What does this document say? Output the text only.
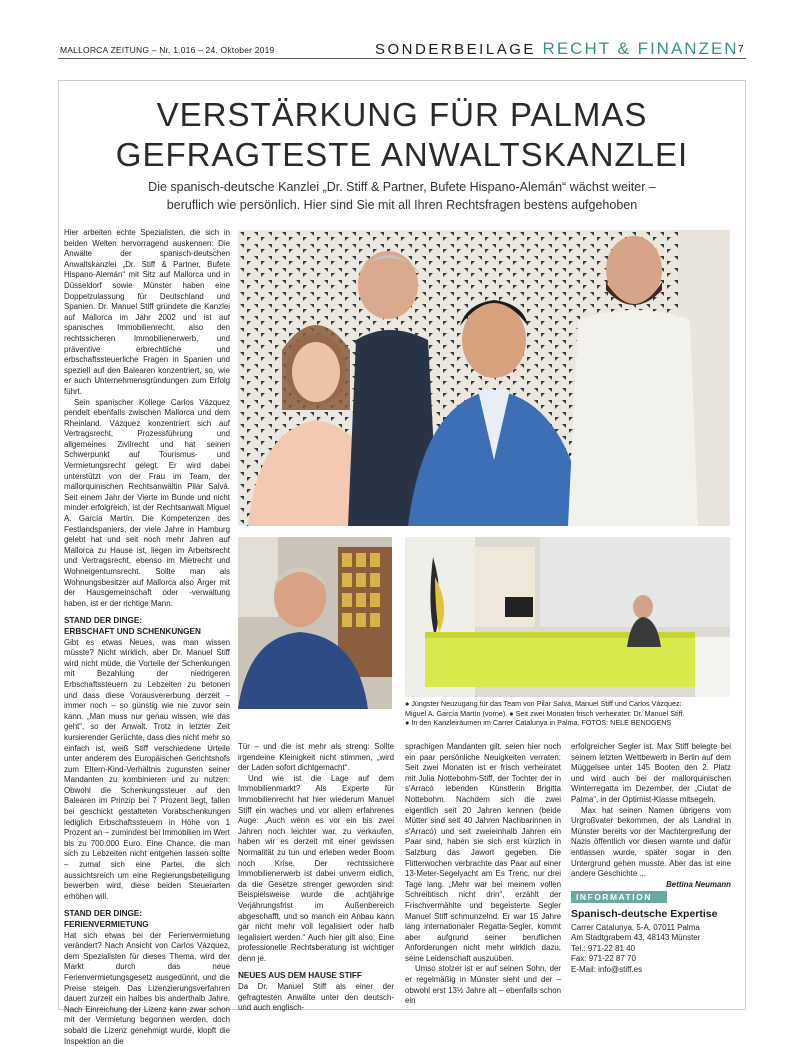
MALLORCA ZEITUNG – Nr. 1.016 – 24. Oktober 2019	SONDERBEILAGE RECHT & FINANZEN 7
VERSTÄRKUNG FÜR PALMAS
GEFRAGTESTE ANWALTSKANZLEI
Die spanisch-deutsche Kanzlei „Dr. Stiff & Partner, Bufete Hispano-Alemán“ wächst weiter –
beruflich wie persönlich. Hier sind Sie mit all Ihren Rechtsfragen bestens aufgehoben

Hier arbeiten echte Spezialisten, die sich in beiden Welten hervorragend auskennen: Die Anwälte der spanisch-deutschen Anwaltskanzlei „Dr. Stiff & Partner, Bufete Hispano-Alemán“ mit Sitz auf Mallorca und in Düsseldorf sowie Münster haben eine Doppelzulassung für Deutschland und Spanien. Dr. Manuel Stiff gründete die Kanzlei auf Mallorca im Jahr 2002 und ist auf spanisches Immobilienrecht, also den rechtssicheren Immobilienerwerb, und präventive erbrechtliche und erbschaftssteuerliche Fragen in Spanien und speziell auf den Balearen konzentriert, so, wie er auch Unternehmensgründungen zum Erfolg führt.

Sein spanischer Kollege Carlos Vázquez pendelt ebenfalls zwischen Mallorca und dem Rheinland. Vázquez konzentriert sich auf Vertragsrecht, Prozessführung und allgemeines Zivilrecht und hat seinen Schwerpunkt auf Tourismus- und Vermietungsrecht gelegt. Er wird dabei unterstützt von der Frau im Team, der mallorquinischen Rechtsanwältin Pilar Salvá. Seit einem Jahr der Vierte im Bunde und nicht minder erfolgreich, ist der Rechtsanwalt Miguel A. García Martín. Die Kompetenzen des Festlandspaniers, der viele Jahre in Hamburg gelebt hat und seit noch mehr Jahren auf Mallorca zu Hause ist, liegen im Arbeitsrecht und Vertragsrecht, ebenso im Mietrecht und Wohneigentumsrecht. Sollte man als Wohnungsbesitzer auf Mallorca also Ärger mit der Hausgemeinschaft oder -verwaltung haben, ist er der richtige Mann.

STAND DER DINGE:
ERBSCHAFT UND SCHENKUNGEN

Gibt es etwas Neues, was man wissen müsste? Nicht wirklich, aber Dr. Manuel Stiff wird nicht müde, die Vorteile der Schenkungen mit Bezahlung der niedrigeren Erbschaftssteuern zu Lebzeiten zu betonen und dass diese Vorausvererbung derzeit – immer noch – so günstig wie nie zuvor sein kann. „Man muss nur genau wissen, wie das geht“, so der Anwalt. Trotz in letzter Zeit kursierender Gerüchte, dass dies nicht mehr so einfach ist, weiß Stiff verschiedene Urteile unter anderem des Europäischen Gerichtshofs zum Eltern-Kind-Verhältnis zugunsten seiner Mandanten zu kombinieren und zu nutzen: Obwohl die Schenkungssteuer auf den Balearen im Prinzip bei 7 Prozent liegt, fallen bei geschickt gestalteten Vorabschenkungen lediglich Erbschaftssteuern in Höhe von 1 Prozent an – zumindest bei Immobilien im Wert bis zu 700.000 Euro. Eine Chance, die man sich zu Lebzeiten nicht entgehen lassen sollte – zumal sich eine Partei, die sich aussichtsreich um eine Regierungsbeteiligung bewerben wird, diese beiden Steuerarten erhöhen will.

STAND DER DINGE:
FERIENVERMIETUNG

Hat sich etwas bei der Ferienvermietung verändert? Nach Ansicht von Carlos Vázquez, dem Spezialisten für dieses Thema, wird der Markt durch das neue Ferienvermietungsgesetz ausgedünnt, und die Preise steigen. Das Lizenzierungsverfahren dauert zurzeit ein halbes bis anderthalb Jahre. Nach Einreichung der Lizenz kann zwar schon mit der Vermietung begonnen werden, doch sobald die Lizenz genehmigt wurde, klopft die Inspektion an die

● Jüngster Neuzugang für das Team von Pilar Salvá, Manuel Stiff und Carlos Vázquez:
Miguel A. García Martín (vorne). ● Seit zwei Monaten frisch verheiratet: Dr. Manuel Stiff.
● In den Kanzleiräumen im Carrer Catalunya in Palma. FOTOS: NELE BENDGENS

Tür – und die ist mehr als streng: Sollte irgendeine Kleinigkeit nicht stimmen, „wird der Laden sofort dichtgemacht“.

Und wie ist die Lage auf dem Immobilienmarkt? Als Experte für Immobilienrecht hat hier wiederum Manuel Stiff ein waches und vor allem erfahrenes Auge: „Auch wenn es vor ein bis zwei Jahren noch leichter war, zu verkaufen, haben wir es derzeit mit einer gewissen Normalität zu tun und erleben weder Boom noch Krise. Der rechtssichere Immobilienerwerb ist dabei unverm eidlich, da die Gesetze strenger geworden sind: Beispielsweise wurde die achtjährige Verjährungsfrist im Außenbereich abgeschafft, und so manch ein Anbau kann gar nicht mehr voll legalisiert oder halb legalisiert werden.“ Auch hier gilt also: Eine professionelle Rechtsberatung ist wichtiger denn je.

NEUES AUS DEM HAUSE STIFF

Da Dr. Manuel Stiff als einer der gefragtesten Anwälte unter den deutsch- und auch englisch-

sprachigen Mandanten gilt, seien hier noch ein paar persönliche Neuigkeiten verraten: Seit zwei Monaten ist er frisch verheiratet mit Julia Nottebohm-Stiff, der Tochter der in s'Arracó lebenden Künstlerin Brigitta Nottebohm. Nachdem sich die zwei eigentlich seit 20 Jahren kennen (beide Mütter sind seit 40 Jahren Nachbarinnen in s'Arracó) und seit zweieinhalb Jahren ein Paar sind, haben sie sich erst kürzlich in Salzburg das Jawort gegeben. Die Flitterwochen verbrachte das Paar auf einer 13-Meter-Segelyacht am Es Trenc, nur drei Tage lang. „Mehr war bei meinem vollen Schreibtisch nicht drin“, erzählt der Frischvermählte und begeisterte Segler Manuel Stiff schmunzelnd. Er war 15 Jahre lang internationaler Regatta-Segler, kommt aber aufgrund seiner beruflichen Anforderungen nicht mehr wirklich dazu, seine Leidenschaft auszuüben.

Umso stolzer ist er auf seinen Sohn, der er regelmäßig in Münster sieht und der – obwohl erst 13½ Jahre alt – ebenfalls schon ein

erfolgreicher Segler ist. Max Stiff belegte bei seinem letzten Wettbewerb in Berlin auf dem Müggelsee unter 145 Booten den 2. Platz und wird auch bei der mallorquinischen Winterregatta im Dezember, der „Ciutat de Palma“, in der Optimist-Klasse mitsegeln.

Max hat seinen Namen übrigens vom Urgroßvater bekommen, der als Landrat in Münster bereits vor der Machtergreifung der Nazis öffentlich vor diesen warnte und dafür entlassen wurde, später sogar in den Untergrund gehen musste. Aber das ist eine andere Geschichte ...

Bettina Neumann

INFORMATION
Spanisch-deutsche Expertise
Carrer Catalunya, 5-A, 07011 Palma
Am Stadtgrabern 43, 48143 Münster
Tel.: 971-22 81 40
Fax: 971-22 87 70
E-Mail: info@stiff.es
